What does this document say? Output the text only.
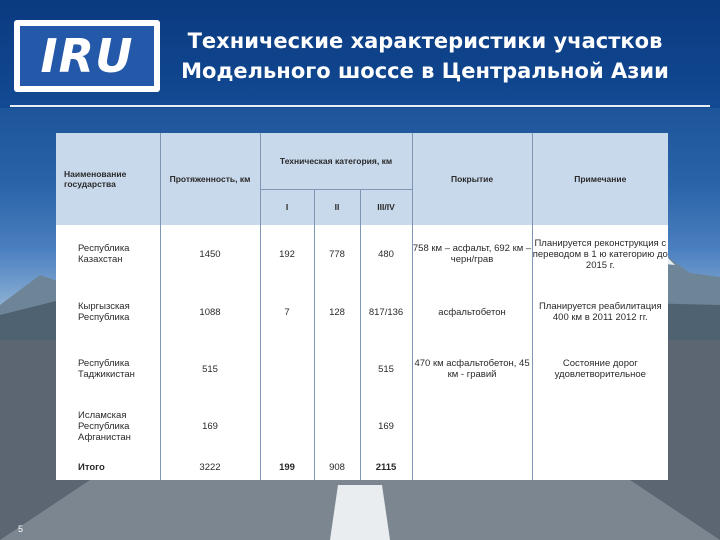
IRU	Технические характеристики участков
Модельного шоссе в Центральной Азии
Наименование государства	Протяженность, км	Техническая категория, км			Покрытие	Примечание
		I	II	III/IV		
Республика Казахстан	1450	192	778	480	758 км – асфальт, 692 км – черн/грав	Планируется реконструкция с переводом в 1 ю категорию до 2015 г.
Кыргызская Республика	1088	7	128	817/136	асфальтобетон	Планируется реабилитация 400 км в 2011 2012 гг.
Республика Таджикистан	515			515	470 км асфальтобетон, 45 км - гравий	Состояние дорог удовлетворительное
Исламская Республика Афганистан	169			169		
Итого	3222	199	908	2115		
5
